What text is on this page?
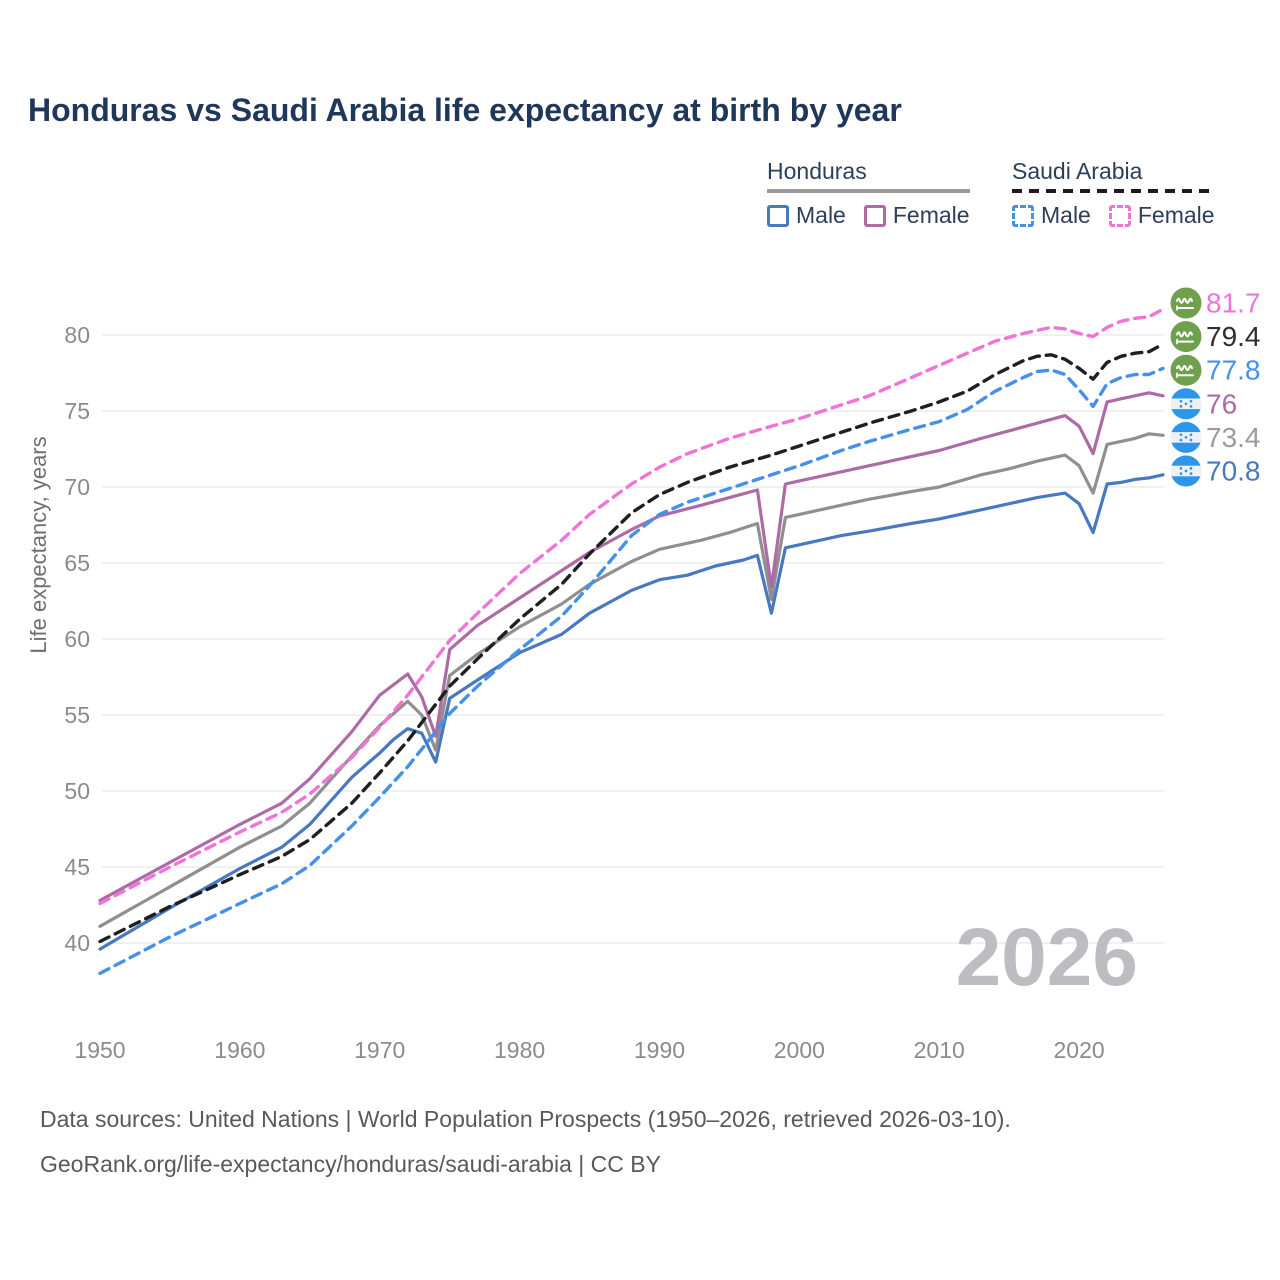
Honduras vs Saudi Arabia life expectancy at birth by year
Honduras
Male Female
Saudi Arabia
Male Female
40
45
50
55
60
65
70
75
80
1950	1960	1970	1980	1990	2000	2010	2020
Life expectancy, years
2026
81.7
79.4
77.8
76
73.4
70.8

Data sources: United Nations | World Population Prospects (1950–2026, retrieved 2026-03-10).

GeoRank.org/life-expectancy/honduras/saudi-arabia | CC BY
